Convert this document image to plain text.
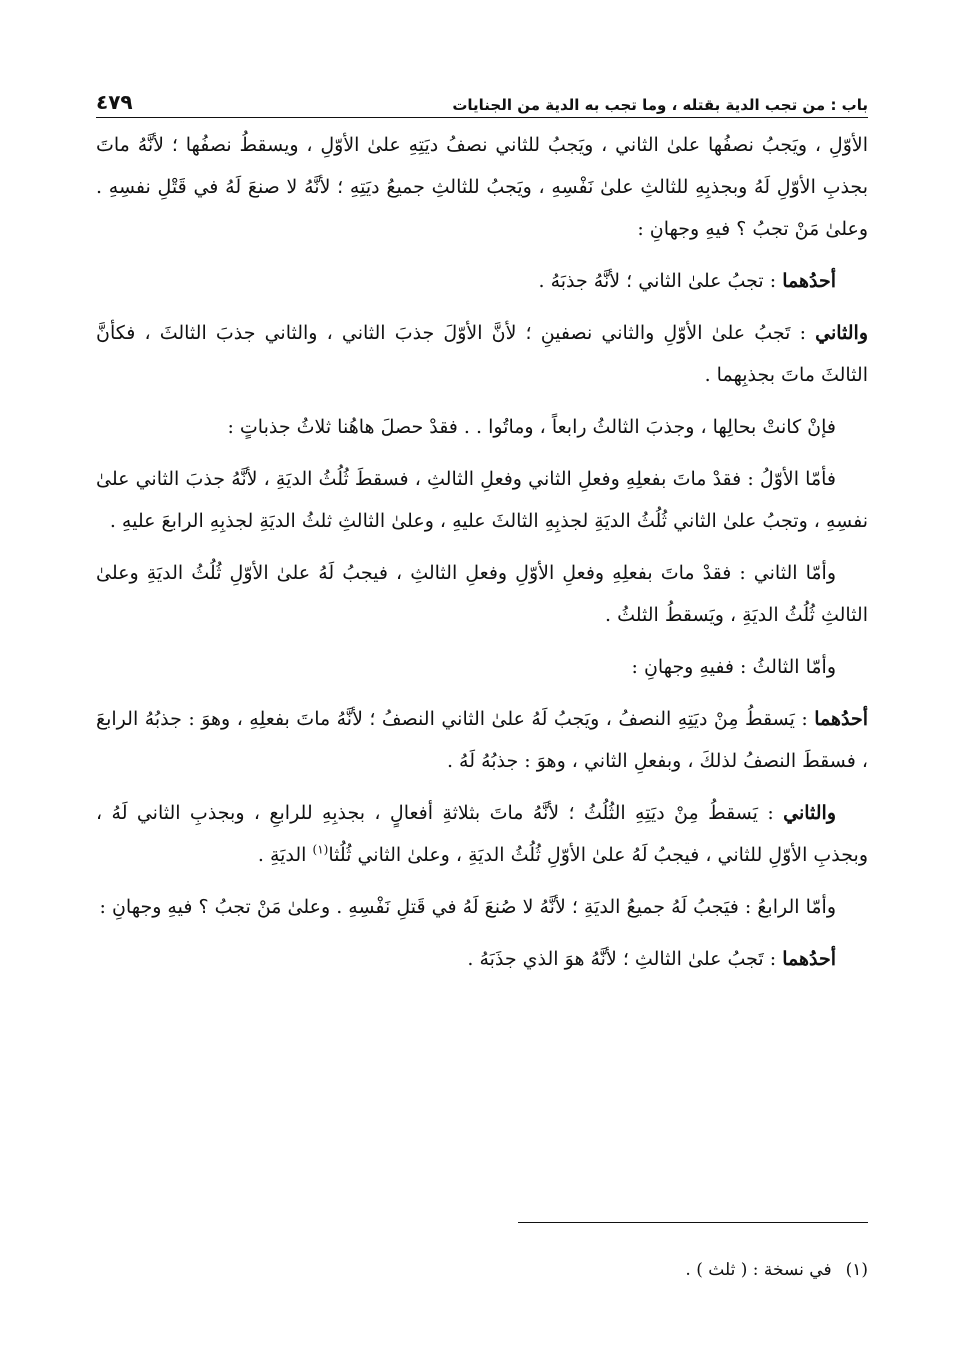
باب : من تجب الدية بقتله ، وما تجب به الدية من الجنايات
٤٧٩

الأوّلِ ، ويَجبُ نصفُها علىٰ الثاني ، ويَجبُ للثاني نصفُ ديَتِهِ علىٰ الأوّلِ ، ويسقطُ نصفُها ؛ لأنَّهُ ماتَ بجذبِ الأوّلِ لَهُ وبجذبِهِ للثالثِ علىٰ نَفْسِهِ ، ويَجبُ للثالثِ جميعُ ديَتِهِ ؛ لأنَّهُ لا صنعَ لَهُ في قَتْلِ نفسِهِ . وعلىٰ مَنْ تجبُ ؟ فيهِ وجهانِ :

أحدُهما : تجبُ علىٰ الثاني ؛ لأنَّهُ جذبَهُ .

والثاني : تَجبُ علىٰ الأوّلِ والثاني نصفينِ ؛ لأنَّ الأوّلَ جذبَ الثاني ، والثاني جذبَ الثالثَ ، فكأنَّ الثالثَ ماتَ بجذبِهما .

فإنْ كانتْ بحالِها ، وجذبَ الثالثُ رابعاً ، وماتُوا . . فقدْ حصلَ هاهُنا ثلاثُ جذباتٍ :

فأمّا الأوّلُ : فقدْ ماتَ بفعلِهِ وفعلِ الثاني وفعلِ الثالثِ ، فسقطَ ثُلُثُ الديَةِ ، لأنَّهُ جذبَ الثاني علىٰ نفسِهِ ، وتجبُ علىٰ الثاني ثُلُثُ الديَةِ لجذبِهِ الثالثَ عليهِ ، وعلىٰ الثالثِ ثلثُ الديَةِ لجذبِهِ الرابعَ عليهِ .

وأمّا الثاني : فقدْ ماتَ بفعلِهِ وفعلِ الأوّلِ وفعلِ الثالثِ ، فيجبُ لَهُ علىٰ الأوّلِ ثُلُثُ الديَةِ وعلىٰ الثالثِ ثُلُثُ الديَةِ ، ويَسقطُ الثلثُ .

وأمّا الثالثُ : ففيهِ وجهانِ :

أحدُهما : يَسقطُ مِنْ ديَتِهِ النصفُ ، ويَجبُ لَهُ علىٰ الثاني النصفُ ؛ لأنَّهُ ماتَ بفعلِهِ ، وهوَ : جذبُهُ الرابعَ ، فسقطَ النصفُ لذلكَ ، وبفعلِ الثاني ، وهوَ : جذبُهُ لَهُ .

والثاني : يَسقطُ مِنْ ديَتِهِ الثُلُثُ ؛ لأنَّهُ ماتَ بثلاثةِ أفعالٍ ، بجذبِهِ للرابعِ ، وبجذبِ الثاني لَهُ ، وبجذبِ الأوّلِ للثاني ، فيجبُ لَهُ علىٰ الأوّلِ ثُلُثُ الديَةِ ، وعلىٰ الثاني ثُلُثا$^{(١)}$ الديَةِ .

وأمّا الرابعُ : فيَجبُ لَهُ جميعُ الديَةِ ؛ لأنَّهُ لا صُنعَ لَهُ في قَتلِ نَفْسِهِ . وعلىٰ مَنْ تجبُ ؟ فيهِ وجهانِ :

أحدُهما : تَجبُ علىٰ الثالثِ ؛ لأنَّهُ هوَ الذي جذَبَهُ .

(١)في نسخة : ( ثلث ) .
